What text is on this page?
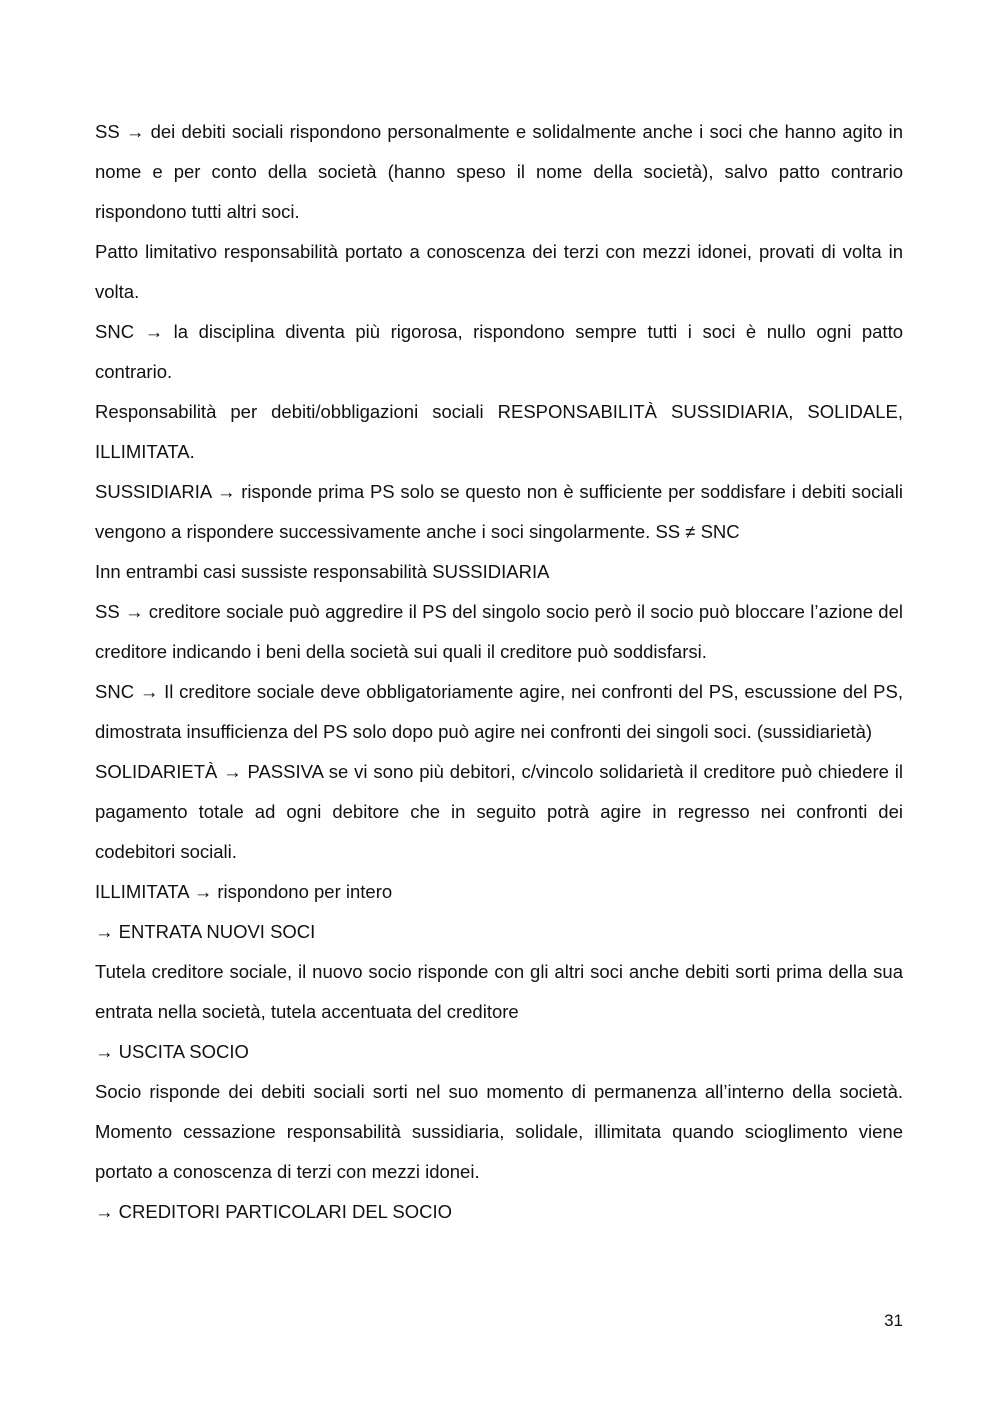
SS → dei debiti sociali rispondono personalmente e solidalmente anche i soci che hanno agito in nome e per conto della società (hanno speso il nome della società), salvo patto contrario rispondono tutti altri soci.

Patto limitativo responsabilità portato a conoscenza dei terzi con mezzi idonei, provati di volta in volta.

SNC → la disciplina diventa più rigorosa, rispondono sempre tutti i soci è nullo ogni patto contrario.

Responsabilità per debiti/obbligazioni sociali RESPONSABILITÀ SUSSIDIARIA, SOLIDALE, ILLIMITATA.

SUSSIDIARIA → risponde prima PS solo se questo non è sufficiente per soddisfare i debiti sociali vengono a rispondere successivamente anche i soci singolarmente. SS ≠ SNC

Inn entrambi casi sussiste responsabilità SUSSIDIARIA

SS → creditore sociale può aggredire il PS del singolo socio però il socio può bloccare l’azione del creditore indicando i beni della società sui quali il creditore può soddisfarsi.

SNC → Il creditore sociale deve obbligatoriamente agire, nei confronti del PS, escussione del PS, dimostrata insufficienza del PS solo dopo può agire nei confronti dei singoli soci. (sussidiarietà)

SOLIDARIETÀ → PASSIVA se vi sono più debitori, c/vincolo solidarietà il creditore può chiedere il pagamento totale ad ogni debitore che in seguito potrà agire in regresso nei confronti dei codebitori sociali.

ILLIMITATA → rispondono per intero

→ ENTRATA NUOVI SOCI

Tutela creditore sociale, il nuovo socio risponde con gli altri soci anche debiti sorti prima della sua entrata nella società, tutela accentuata del creditore

→ USCITA SOCIO

Socio risponde dei debiti sociali sorti nel suo momento di permanenza all’interno della società. Momento cessazione responsabilità sussidiaria, solidale, illimitata quando scioglimento viene portato a conoscenza di terzi con mezzi idonei.

→ CREDITORI PARTICOLARI DEL SOCIO

31
